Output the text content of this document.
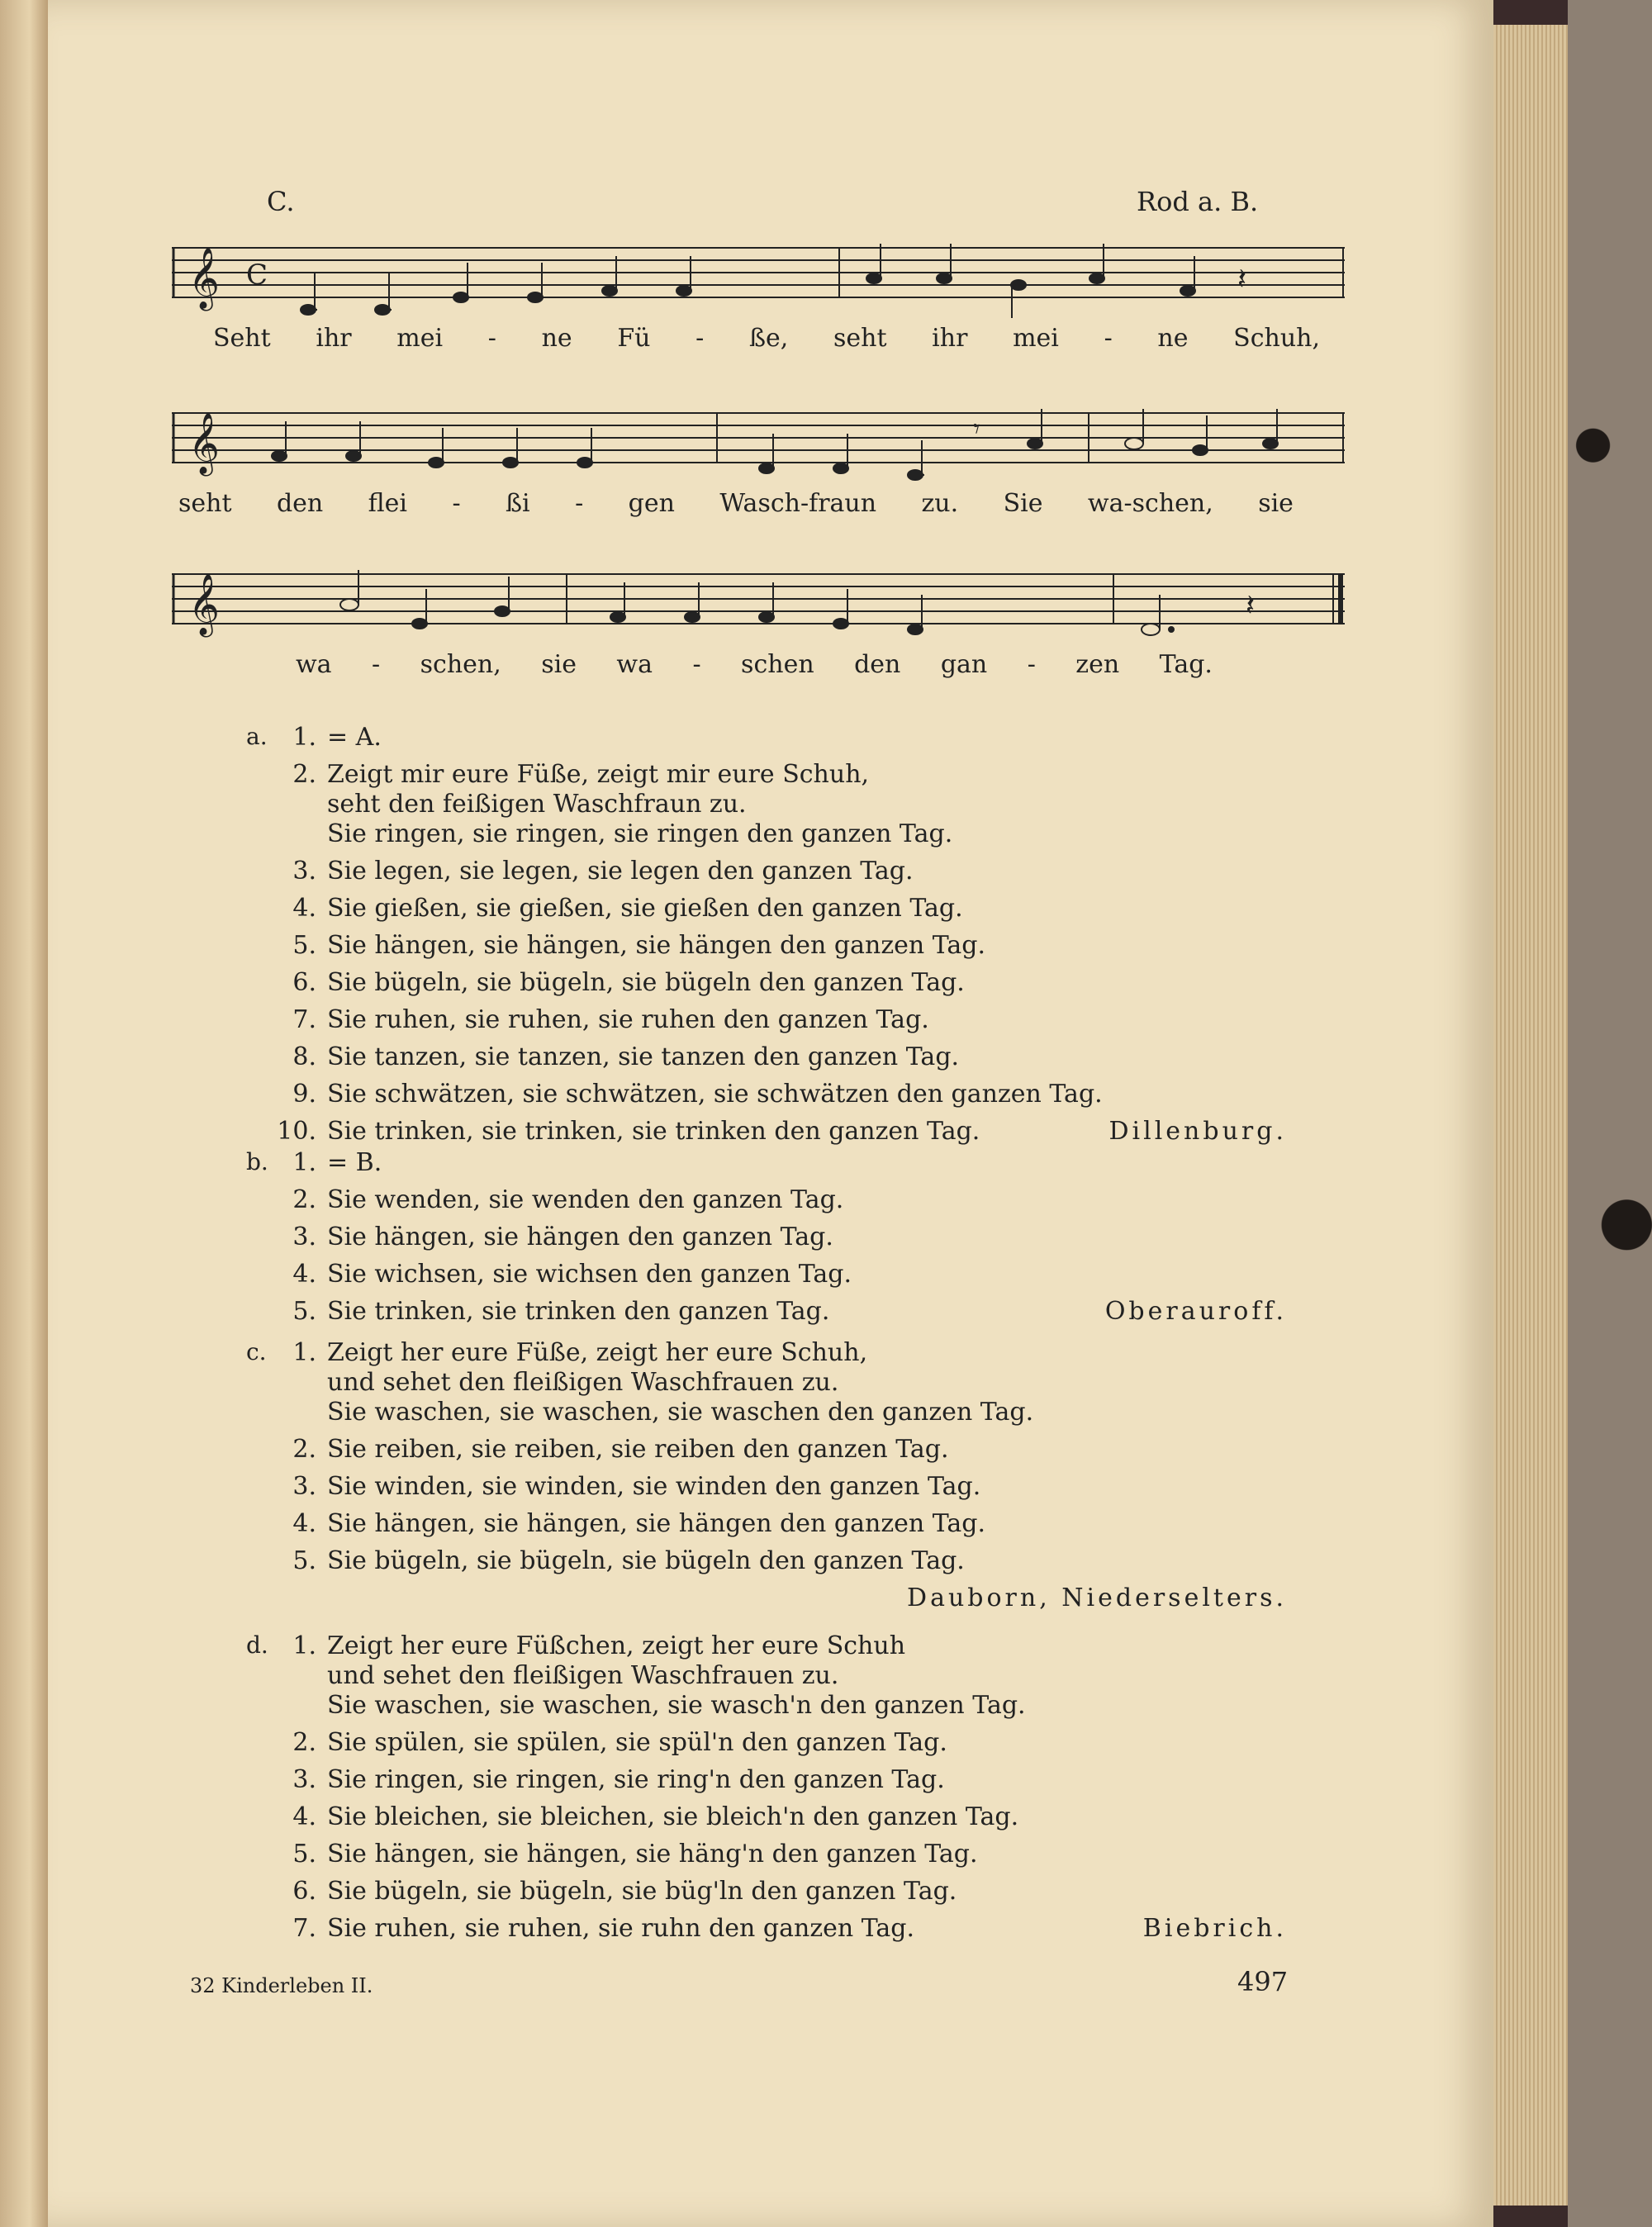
C.	Rod a. B.
𝄞 C	𝄽
Seht ihr mei - ne Fü - ße, seht ihr mei - ne Schuh,
𝄞	𝄾
seht den flei - ßi - gen Wasch-fraun zu. Sie wa-schen, sie
𝄞	𝄽
wa - schen, sie wa - schen den gan - zen Tag.
a.	1. = A.
2. Zeigt mir eure Füße, zeigt mir eure Schuh,
seht den feißigen Waschfraun zu.
Sie ringen, sie ringen, sie ringen den ganzen Tag.
3. Sie legen, sie legen, sie legen den ganzen Tag.
4. Sie gießen, sie gießen, sie gießen den ganzen Tag.
5. Sie hängen, sie hängen, sie hängen den ganzen Tag.
6. Sie bügeln, sie bügeln, sie bügeln den ganzen Tag.
7. Sie ruhen, sie ruhen, sie ruhen den ganzen Tag.
8. Sie tanzen, sie tanzen, sie tanzen den ganzen Tag.
9. Sie schwätzen, sie schwätzen, sie schwätzen den ganzen Tag.
10. Sie trinken, sie trinken, sie trinken den ganzen Tag.	Dillenburg.
b. 1. = B.
2. Sie wenden, sie wenden den ganzen Tag.
3. Sie hängen, sie hängen den ganzen Tag.
4. Sie wichsen, sie wichsen den ganzen Tag.
5. Sie trinken, sie trinken den ganzen Tag.	Oberauroff.
c.	1. Zeigt her eure Füße, zeigt her eure Schuh,
und sehet den fleißigen Waschfrauen zu.
Sie waschen, sie waschen, sie waschen den ganzen Tag.
2. Sie reiben, sie reiben, sie reiben den ganzen Tag.
3. Sie winden, sie winden, sie winden den ganzen Tag.
4. Sie hängen, sie hängen, sie hängen den ganzen Tag.
5. Sie bügeln, sie bügeln, sie bügeln den ganzen Tag.
Dauborn, Niederselters.
d. 1. Zeigt her eure Füßchen, zeigt her eure Schuh
und sehet den fleißigen Waschfrauen zu.
Sie waschen, sie waschen, sie wasch'n den ganzen Tag.
2. Sie spülen, sie spülen, sie spül'n den ganzen Tag.
3. Sie ringen, sie ringen, sie ring'n den ganzen Tag.
4. Sie bleichen, sie bleichen, sie bleich'n den ganzen Tag.
5. Sie hängen, sie hängen, sie häng'n den ganzen Tag.
6. Sie bügeln, sie bügeln, sie büg'ln den ganzen Tag.
7. Sie ruhen, sie ruhen, sie ruhn den ganzen Tag.	Biebrich.
32 Kinderleben II.	497
